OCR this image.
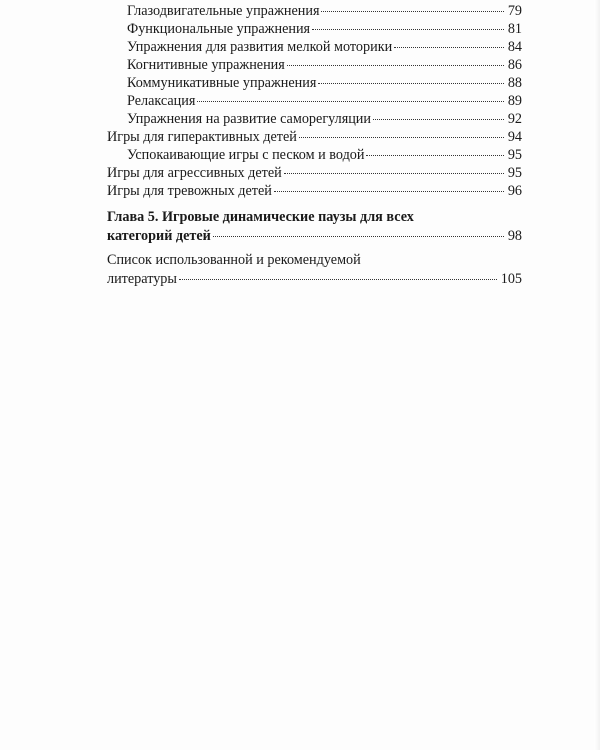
Глазодвигательные упражнения	79
Функциональные упражнения	81
Упражнения для развития мелкой моторики	84
Когнитивные упражнения	86
Коммуникативные упражнения	88
Релаксация	89
Упражнения на развитие саморегуляции	92
Игры для гиперактивных детей	94
Успокаивающие игры с песком и водой	95
Игры для агрессивных детей	95
Игры для тревожных детей	96
Глава 5. Игровые динамические паузы для всех
категорий детей	98
Список использованной и рекомендуемой
литературы	105
